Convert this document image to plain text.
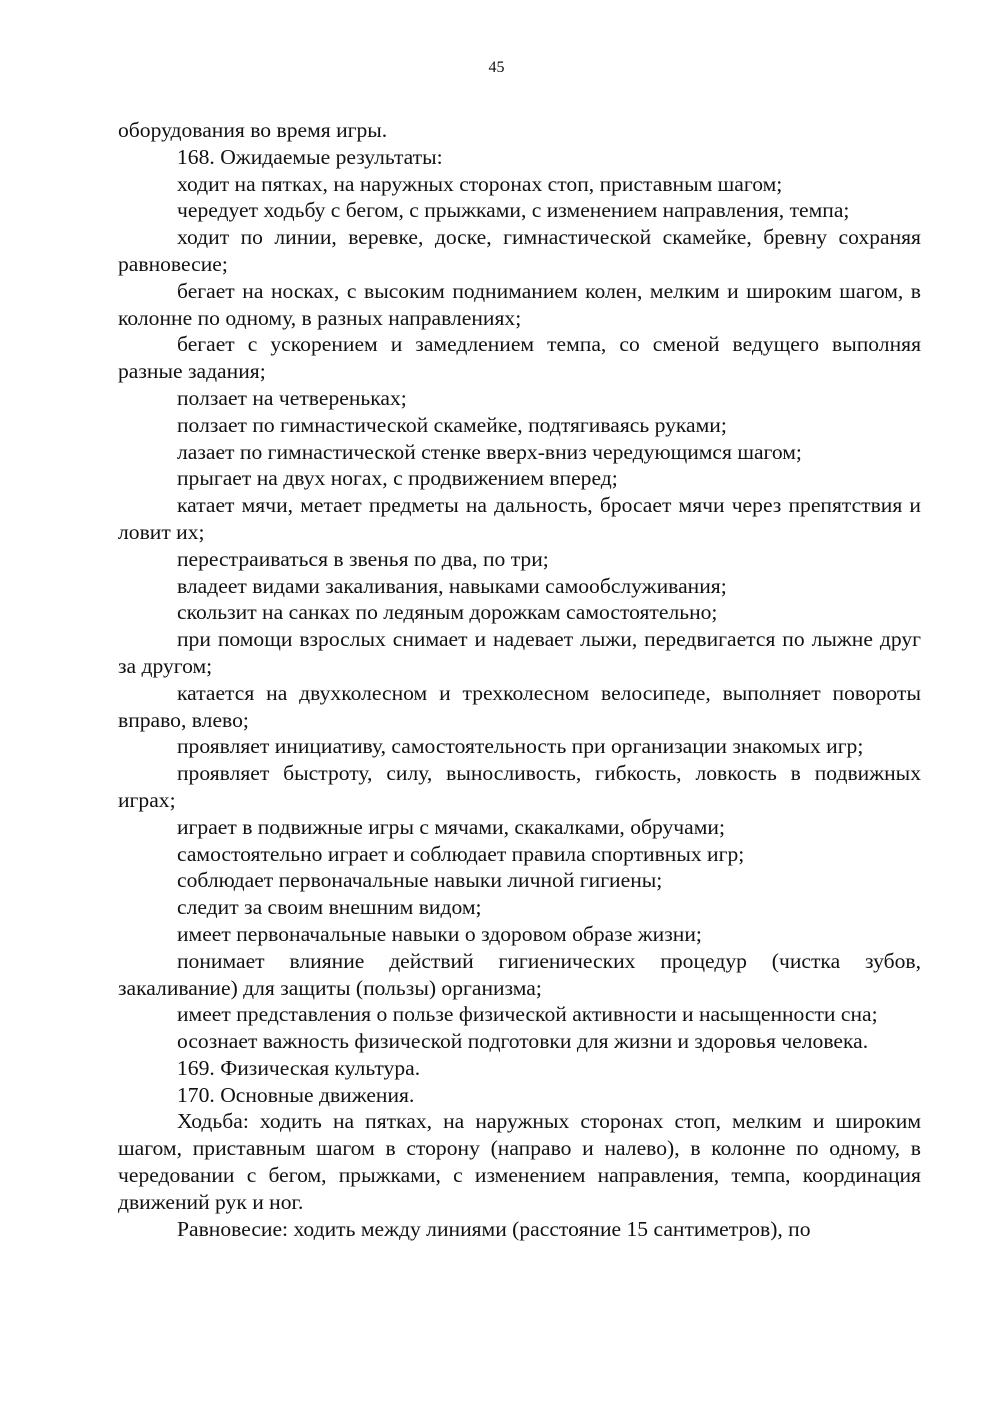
45

оборудования во время игры.

168. Ожидаемые результаты:

ходит на пятках, на наружных сторонах стоп, приставным шагом;

чередует ходьбу с бегом, с прыжками, с изменением направления, темпа;

ходит по линии, веревке, доске, гимнастической скамейке, бревну сохраняя равновесие;

бегает на носках, с высоким подниманием колен, мелким и широким шагом, в колонне по одному, в разных направлениях;

бегает с ускорением и замедлением темпа, со сменой ведущего выполняя разные задания;

ползает на четвереньках;

ползает по гимнастической скамейке, подтягиваясь руками;

лазает по гимнастической стенке вверх-вниз чередующимся шагом;

прыгает на двух ногах, с продвижением вперед;

катает мячи, метает предметы на дальность, бросает мячи через препятствия и ловит их;

перестраиваться в звенья по два, по три;

владеет видами закаливания, навыками самообслуживания;

скользит на санках по ледяным дорожкам самостоятельно;

при помощи взрослых снимает и надевает лыжи, передвигается по лыжне друг за другом;

катается на двухколесном и трехколесном велосипеде, выполняет повороты вправо, влево;

проявляет инициативу, самостоятельность при организации знакомых игр;

проявляет быстроту, силу, выносливость, гибкость, ловкость в подвижных играх;

играет в подвижные игры с мячами, скакалками, обручами;

самостоятельно играет и соблюдает правила спортивных игр;

соблюдает первоначальные навыки личной гигиены;

следит за своим внешним видом;

имеет первоначальные навыки о здоровом образе жизни;

понимает влияние действий гигиенических процедур (чистка зубов, закаливание) для защиты (пользы) организма;

имеет представления о пользе физической активности и насыщенности сна;

осознает важность физической подготовки для жизни и здоровья человека.

169. Физическая культура.

170. Основные движения.

Ходьба: ходить на пятках, на наружных сторонах стоп, мелким и широким шагом, приставным шагом в сторону (направо и налево), в колонне по одному, в чередовании с бегом, прыжками, с изменением направления, темпа, координация движений рук и ног.

Равновесие: ходить между линиями (расстояние 15 сантиметров), по
